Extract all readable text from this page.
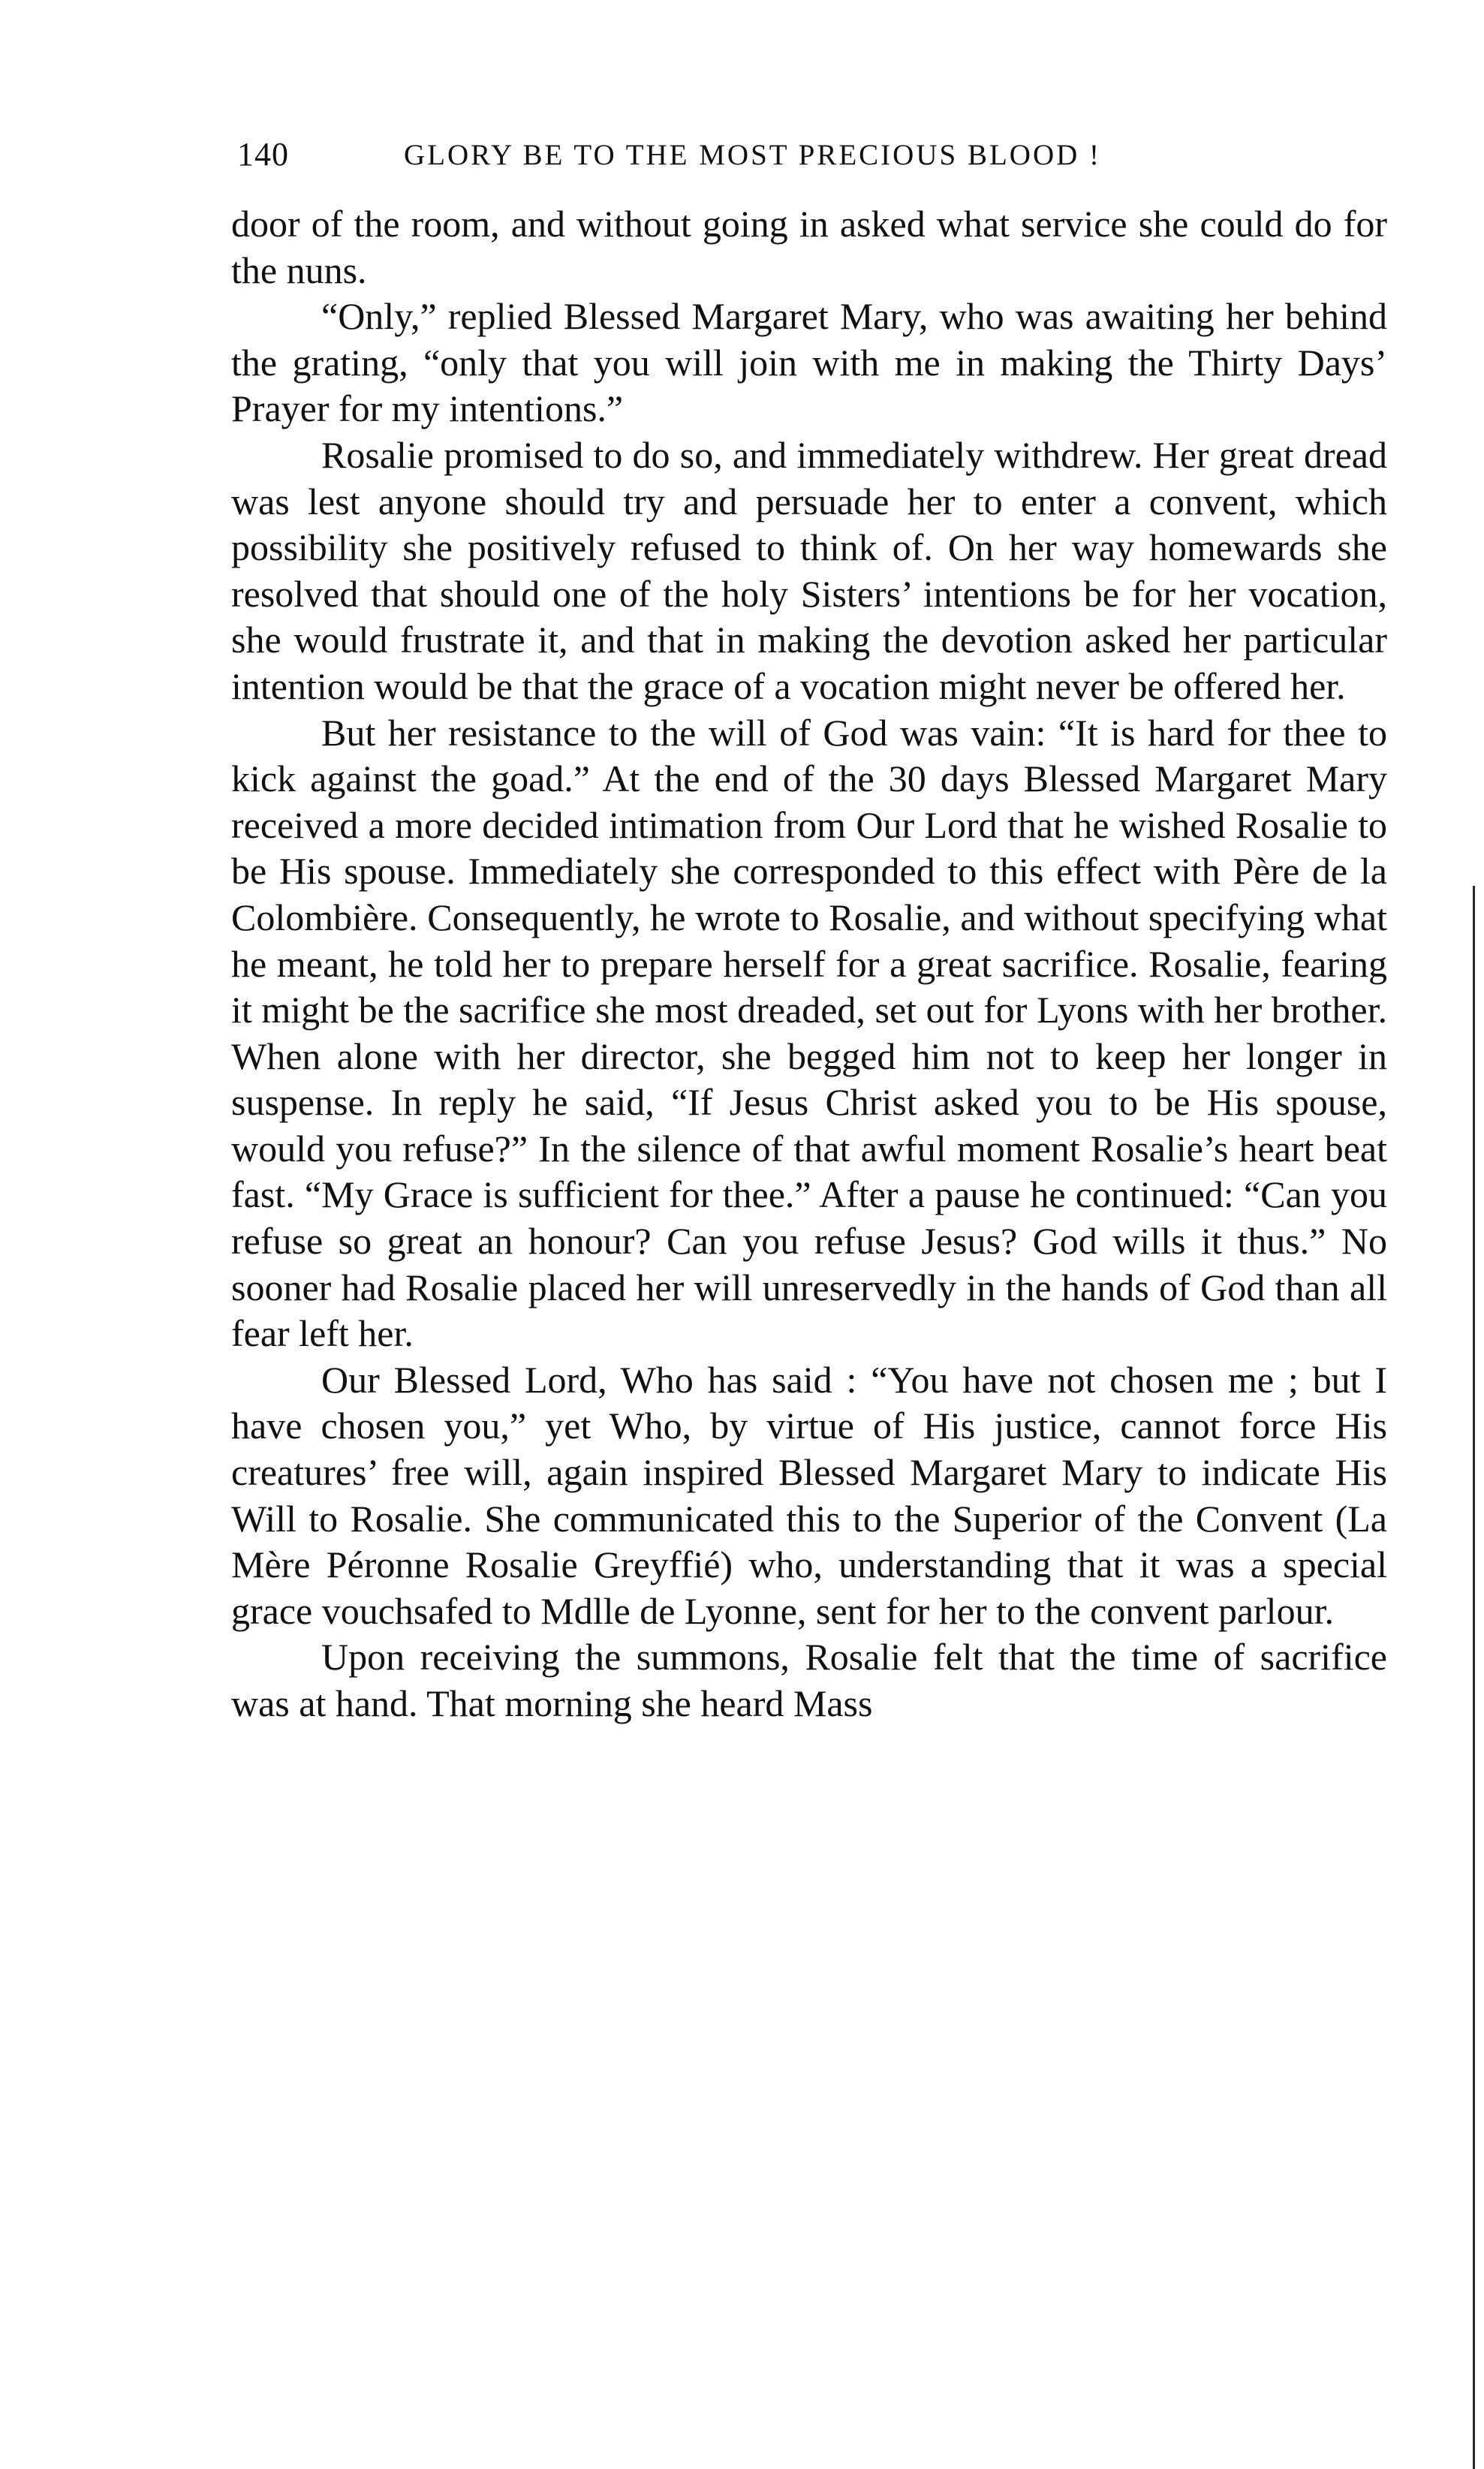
140	GLORY BE TO THE MOST PRECIOUS BLOOD !

door of the room, and without going in asked what service she could do for the nuns.

“Only,” replied Blessed Margaret Mary, who was awaiting her behind the grating, “only that you will join with me in making the Thirty Days’ Prayer for my intentions.”

Rosalie promised to do so, and immediately withdrew. Her great dread was lest anyone should try and persuade her to enter a convent, which possibility she positively refused to think of. On her way homewards she resolved that should one of the holy Sisters’ intentions be for her vocation, she would frustrate it, and that in making the devotion asked her particular intention would be that the grace of a vocation might never be offered her.

But her resistance to the will of God was vain: “It is hard for thee to kick against the goad.” At the end of the 30 days Blessed Margaret Mary received a more decided intimation from Our Lord that he wished Rosalie to be His spouse. Immediately she corresponded to this effect with Père de la Colombière. Consequently, he wrote to Rosalie, and without specifying what he meant, he told her to prepare herself for a great sacrifice. Rosalie, fearing it might be the sacrifice she most dreaded, set out for Lyons with her brother. When alone with her director, she begged him not to keep her longer in suspense. In reply he said, “If Jesus Christ asked you to be His spouse, would you refuse?” In the silence of that awful moment Rosalie’s heart beat fast. “My Grace is sufficient for thee.” After a pause he continued: “Can you refuse so great an honour? Can you refuse Jesus? God wills it thus.” No sooner had Rosalie placed her will unreservedly in the hands of God than all fear left her.

Our Blessed Lord, Who has said : “You have not chosen me ; but I have chosen you,” yet Who, by virtue of His justice, cannot force His creatures’ free will, again inspired Blessed Margaret Mary to indicate His Will to Rosalie. She communicated this to the Superior of the Convent (La Mère Péronne Rosalie Greyffié) who, understanding that it was a special grace vouchsafed to Mdlle de Lyonne, sent for her to the convent parlour.

Upon receiving the summons, Rosalie felt that the time of sacrifice was at hand. That morning she heard Mass
